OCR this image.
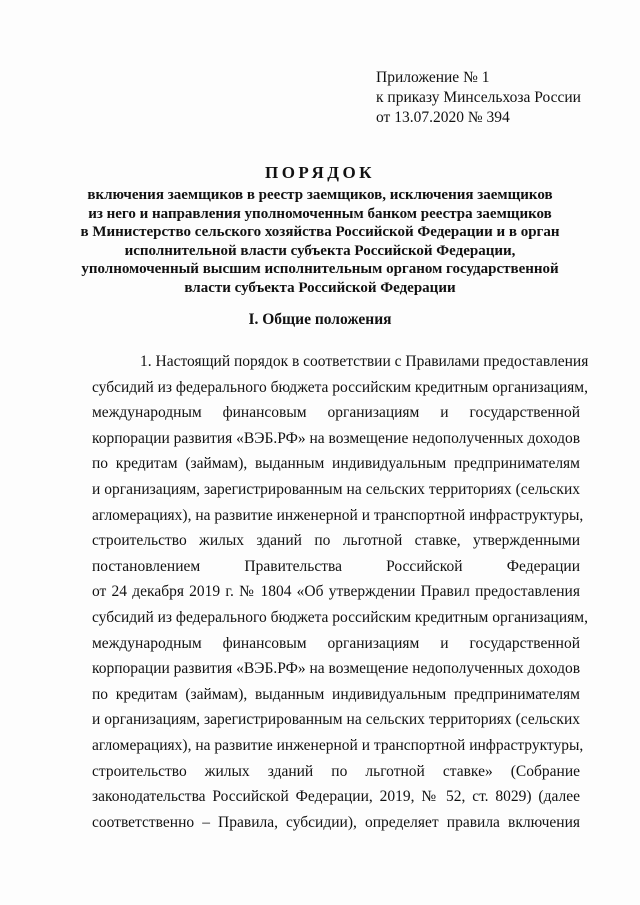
Приложение № 1
к приказу Минсельхоза России
от 13.07.2020 № 394
ПОРЯДОК
включения заемщиков в реестр заемщиков, исключения заемщиков
из него и направления уполномоченным банком реестра заемщиков
в Министерство сельского хозяйства Российской Федерации и в орган
исполнительной власти субъекта Российской Федерации,
уполномоченный высшим исполнительным органом государственной
власти субъекта Российской Федерации
I. Общие положения
1. Настоящий порядок в соответствии с Правилами предоставления
субсидий из федерального бюджета российским кредитным организациям,
международным финансовым организациям и государственной
корпорации развития «ВЭБ.РФ» на возмещение недополученных доходов
по кредитам (займам), выданным индивидуальным предпринимателям
и организациям, зарегистрированным на сельских территориях (сельских
агломерациях), на развитие инженерной и транспортной инфраструктуры,
строительство жилых зданий по льготной ставке, утвержденными
постановлением Правительства Российской Федерации
от 24 декабря 2019 г. № 1804 «Об утверждении Правил предоставления
субсидий из федерального бюджета российским кредитным организациям,
международным финансовым организациям и государственной
корпорации развития «ВЭБ.РФ» на возмещение недополученных доходов
по кредитам (займам), выданным индивидуальным предпринимателям
и организациям, зарегистрированным на сельских территориях (сельских
агломерациях), на развитие инженерной и транспортной инфраструктуры,
строительство жилых зданий по льготной ставке» (Собрание
законодательства Российской Федерации, 2019, № 52, ст. 8029) (далее
соответственно – Правила, субсидии), определяет правила включения
